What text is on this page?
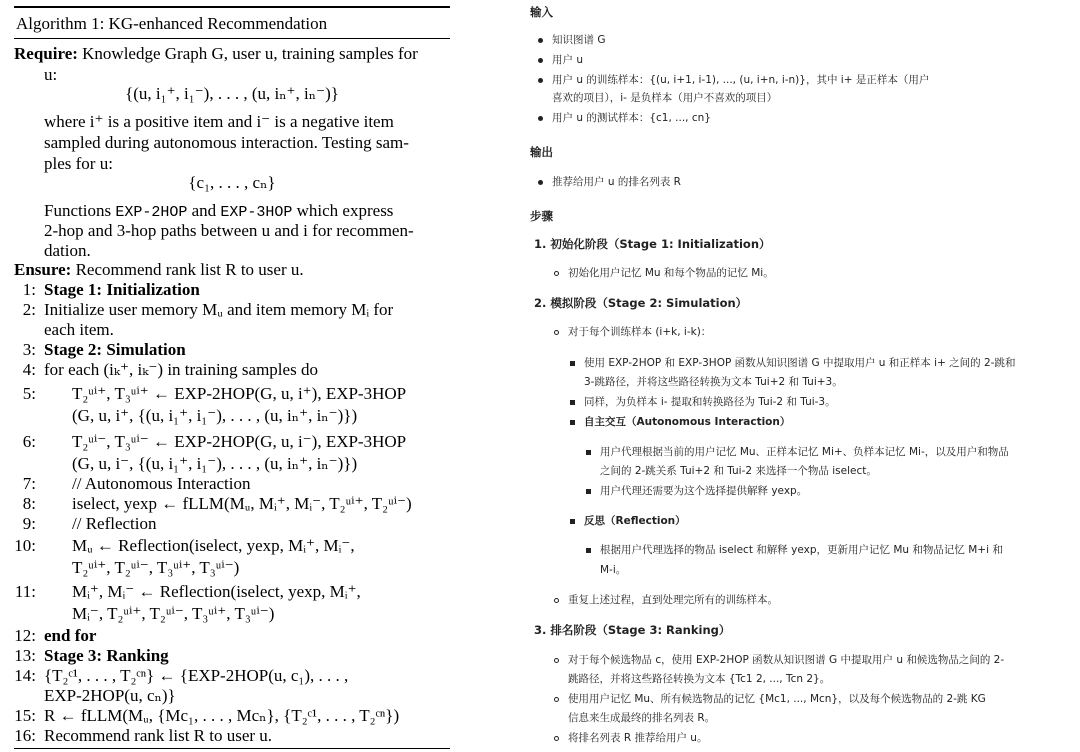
Algorithm 1: KG-enhanced Recommendation
Require: Knowledge Graph G, user u, training samples for
u:
{(u, i₁⁺, i₁⁻), . . . , (u, iₙ⁺, iₙ⁻)}
where i⁺ is a positive item and i⁻ is a negative item
sampled during autonomous interaction. Testing sam-
ples for u:
{c₁, . . . , cₙ}
Functions EXP-2HOP and EXP-3HOP which express
2-hop and 3-hop paths between u and i for recommen-
dation.
Ensure: Recommend rank list R to user u.
1: Stage 1: Initialization
2: Initialize user memory Mᵤ and item memory Mᵢ for
each item.
3: Stage 2: Simulation
4: for each (iₖ⁺, iₖ⁻) in training samples do
5: T₂ᵘⁱ⁺, T₃ᵘⁱ⁺ ← EXP-2HOP(G, u, i⁺), EXP-3HOP
(G, u, i⁺, {(u, i₁⁺, i₁⁻), . . . , (u, iₙ⁺, iₙ⁻)})
6: T₂ᵘⁱ⁻, T₃ᵘⁱ⁻ ← EXP-2HOP(G, u, i⁻), EXP-3HOP
(G, u, i⁻, {(u, i₁⁺, i₁⁻), . . . , (u, iₙ⁺, iₙ⁻)})
7: // Autonomous Interaction
8: iselect, yexp ← fLLM(Mᵤ, Mᵢ⁺, Mᵢ⁻, T₂ᵘⁱ⁺, T₂ᵘⁱ⁻)
9: // Reflection
10: Mᵤ ← Reflection(iselect, yexp, Mᵢ⁺, Mᵢ⁻,
T₂ᵘⁱ⁺, T₂ᵘⁱ⁻, T₃ᵘⁱ⁺, T₃ᵘⁱ⁻)
11: Mᵢ⁺, Mᵢ⁻ ← Reflection(iselect, yexp, Mᵢ⁺,
Mᵢ⁻, T₂ᵘⁱ⁺, T₂ᵘⁱ⁻, T₃ᵘⁱ⁺, T₃ᵘⁱ⁻)
12: end for
13: Stage 3: Ranking
14: {T₂ᶜ¹, . . . , T₂ᶜⁿ} ← {EXP-2HOP(u, c₁), . . . ,
EXP-2HOP(u, cₙ)}
15: R ← fLLM(Mᵤ, {Mc₁, . . . , Mcₙ}, {T₂ᶜ¹, . . . , T₂ᶜⁿ})
16: Recommend rank list R to user u.
输入
知识图谱 G
用户 u
用户 u 的训练样本：{(u, i+1, i-1), ..., (u, i+n, i-n)}，其中 i+ 是正样本（用户
喜欢的项目），i- 是负样本（用户不喜欢的项目）
用户 u 的测试样本：{c1, ..., cn}
输出
推荐给用户 u 的排名列表 R
步骤
1. 初始化阶段（Stage 1: Initialization）
初始化用户记忆 Mu 和每个物品的记忆 Mi。
2. 模拟阶段（Stage 2: Simulation）
对于每个训练样本 (i+k, i-k)：
使用 EXP-2HOP 和 EXP-3HOP 函数从知识图谱 G 中提取用户 u 和正样本 i+ 之间的 2-跳和
3-跳路径，并将这些路径转换为文本 Tui+2 和 Tui+3。
同样，为负样本 i- 提取和转换路径为 Tui-2 和 Tui-3。
自主交互（Autonomous Interaction）
用户代理根据当前的用户记忆 Mu、正样本记忆 Mi+、负样本记忆 Mi-，以及用户和物品
之间的 2-跳关系 Tui+2 和 Tui-2 来选择一个物品 iselect。
用户代理还需要为这个选择提供解释 yexp。
反思（Reflection）
根据用户代理选择的物品 iselect 和解释 yexp，更新用户记忆 Mu 和物品记忆 M+i 和
M-i。
重复上述过程，直到处理完所有的训练样本。
3. 排名阶段（Stage 3: Ranking）
对于每个候选物品 c，使用 EXP-2HOP 函数从知识图谱 G 中提取用户 u 和候选物品之间的 2-
跳路径，并将这些路径转换为文本 {Tc1 2, ..., Tcn 2}。
使用用户记忆 Mu、所有候选物品的记忆 {Mc1, ..., Mcn}，以及每个候选物品的 2-跳 KG
信息来生成最终的排名列表 R。
将排名列表 R 推荐给用户 u。
